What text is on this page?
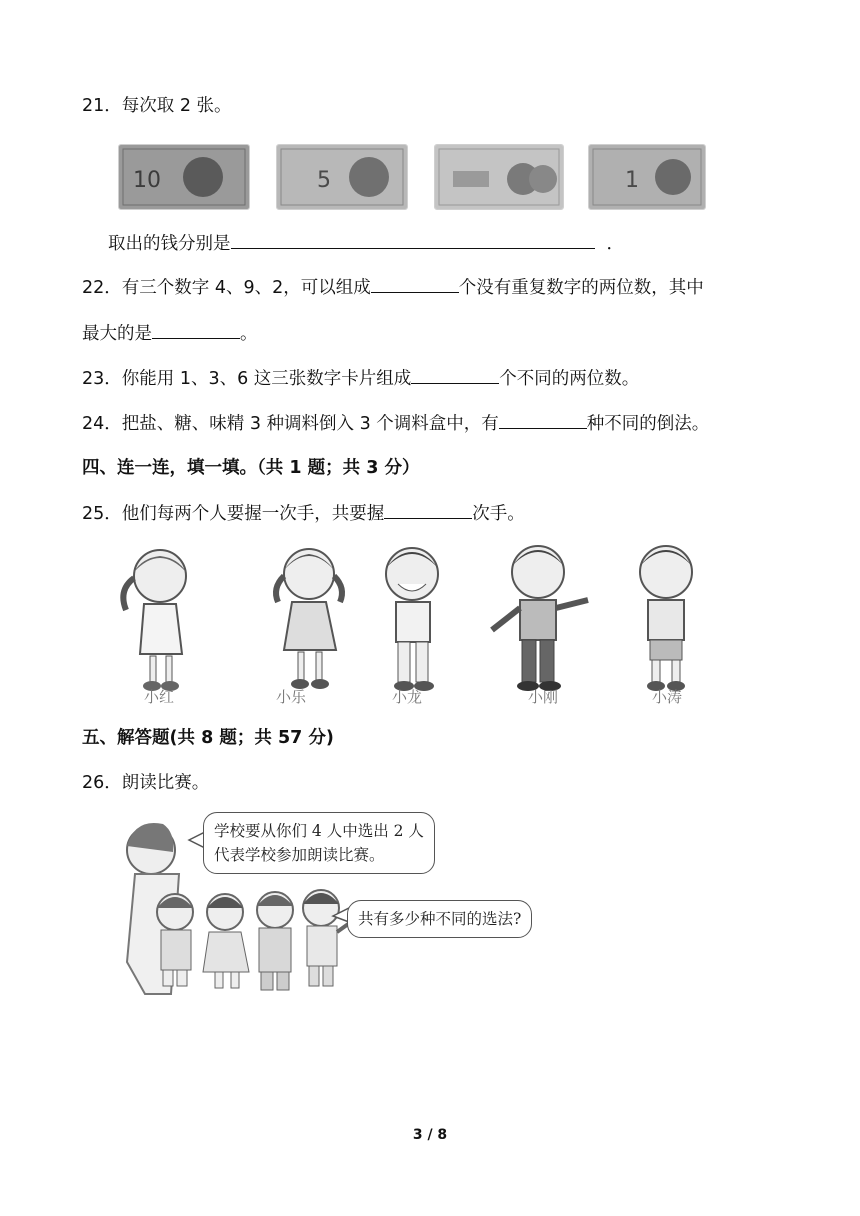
21．每次取 2 张。
10	5	1
取出的钱分别是	．
22．有三个数字 4、9、2，可以组成	个没有重复数字的两位数，其中
最大的是	。
23．你能用 1、3、6 这三张数字卡片组成	个不同的两位数。
24．把盐、糖、味精 3 种调料倒入 3 个调料盒中，有	种不同的倒法。
四、连一连，填一填。（共 1 题；共 3 分）
25．他们每两个人要握一次手，共要握	次手。
小红	小乐	小龙	小刚	小涛
五、解答题(共 8 题；共 57 分)
26．朗读比赛。
学校要从你们 4 人中选出 2 人
代表学校参加朗读比赛。
共有多少种不同的选法?
3 / 8
